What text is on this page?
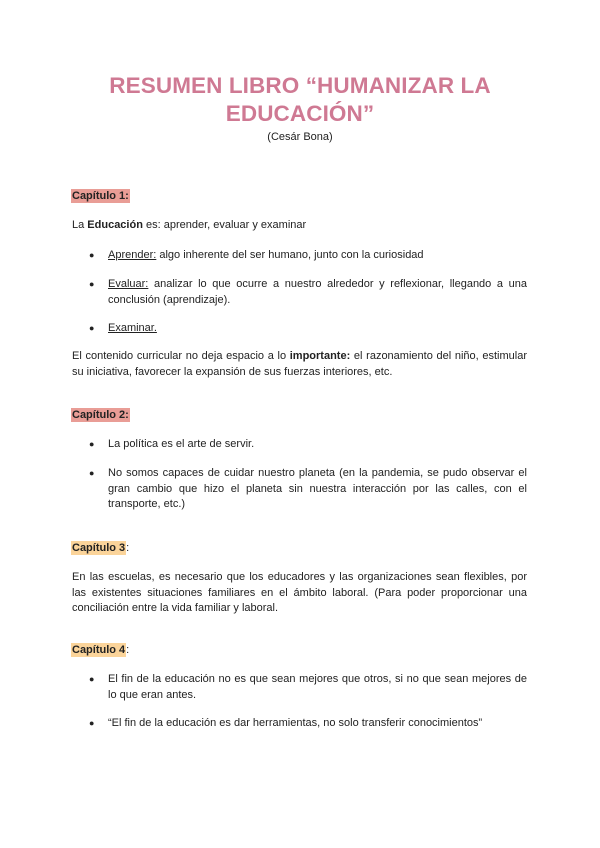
RESUMEN LIBRO “HUMANIZAR LA EDUCACIÓN”
(Cesár Bona)
Capítulo 1:

La Educación es: aprender, evaluar y examinar

●	Aprender: algo inherente del ser humano, junto con la curiosidad
●	Evaluar: analizar lo que ocurre a nuestro alrededor y reflexionar, llegando a una conclusión (aprendizaje).
●	Examinar.

El contenido curricular no deja espacio a lo importante: el razonamiento del niño, estimular su iniciativa, favorecer la expansión de sus fuerzas interiores, etc.

Capítulo 2:
●	La política es el arte de servir.
●	No somos capaces de cuidar nuestro planeta (en la pandemia, se pudo observar el gran cambio que hizo el planeta sin nuestra interacción por las calles, con el transporte, etc.)
Capítulo 3:

En las escuelas, es necesario que los educadores y las organizaciones sean flexibles, por las existentes situaciones familiares en el ámbito laboral. (Para poder proporcionar una conciliación entre la vida familiar y laboral.

Capítulo 4:
●	El fin de la educación no es que sean mejores que otros, si no que sean mejores de lo que eran antes.
●	“El fin de la educación es dar herramientas, no solo transferir conocimientos”
